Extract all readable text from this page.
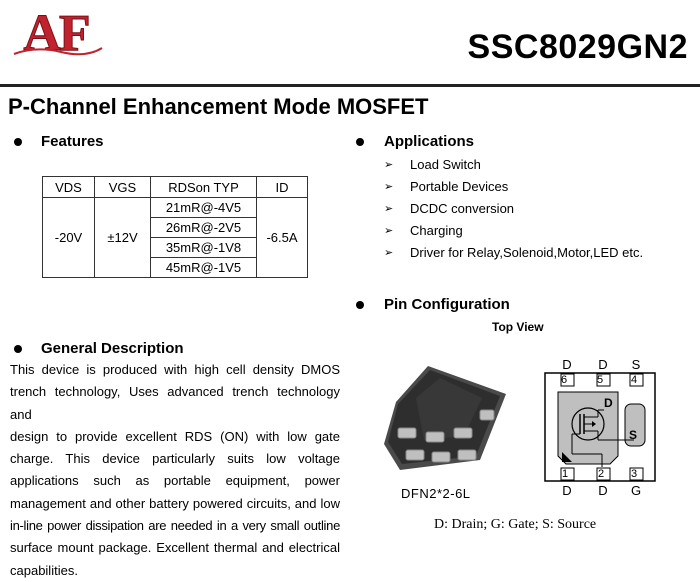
AF	SSC8029GN2
P-Channel Enhancement Mode MOSFET
Features
VDS	VGS	RDSon TYP	ID
-20V	±12V	21mR@-4V5	-6.5A
		26mR@-2V5	
		35mR@-1V8	
		45mR@-1V5	
General Description
This device is produced with high cell density DMOS
trench technology, Uses advanced trench technology and
design to provide excellent RDS (ON) with low gate
charge. This device particularly suits low voltage
applications such as portable equipment, power
management and other battery powered circuits, and low
in-line power dissipation are needed in a very small outline
surface mount package. Excellent thermal and electrical
capabilities.
Applications
➢ Load Switch
➢ Portable Devices
➢ DCDC conversion
➢ Charging
➢ Driver for Relay,Solenoid,Motor,LED etc.
Pin Configuration
Top View
DFN2*2-6L
D	D	S
6	5	4
1	2 3
D
S
D	D	G
D: Drain; G: Gate; S: Source
